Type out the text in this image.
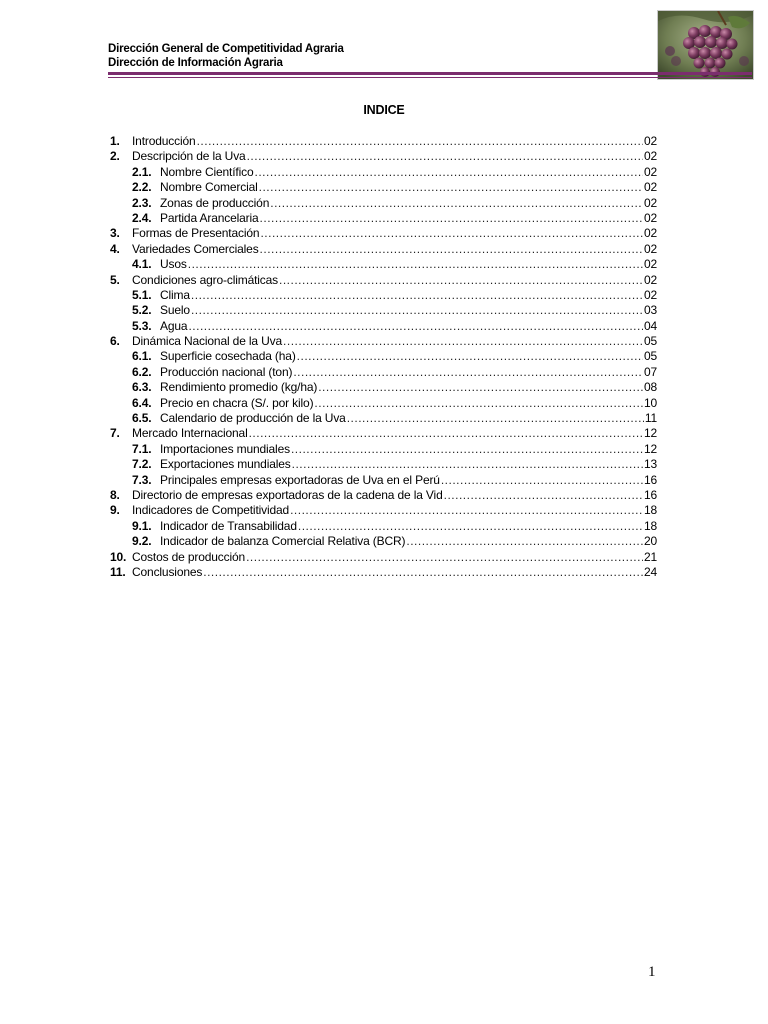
Dirección General de Competitividad Agraria
Dirección de Información Agraria
INDICE
1.	Introducción .....	02
2.	Descripción de la Uva .....	02
2.1. Nombre Científico .....	02
2.2. Nombre Comercial .....	02
2.3. Zonas de producción .....	02
2.4. Partida Arancelaria .....	02
3.	Formas de Presentación .....	02
4.	Variedades Comerciales .....	02
4.1. Usos .....	02
5.	Condiciones agro-climáticas .....	02
5.1. Clima .....	02
5.2. Suelo .....	03
5.3. Agua .....	04
6.	Dinámica Nacional de la Uva .....	05
6.1. Superficie cosechada (ha) .....	05
6.2. Producción nacional (ton) .....	07
6.3. Rendimiento promedio (kg/ha) .....	08
6.4. Precio en chacra (S/. por kilo) .....	10
6.5. Calendario de producción de la Uva .....	11
7.	Mercado Internacional .....	12
7.1. Importaciones mundiales .....	12
7.2. Exportaciones mundiales .....	13
7.3. Principales empresas exportadoras de Uva en el Perú .....	16
8.	Directorio de empresas exportadoras de la cadena de la Vid .....	16
9.	Indicadores de Competitividad .....	18
9.1. Indicador de Transabilidad .....	18
9.2. Indicador de balanza Comercial Relativa (BCR) .....	20
10. Costos de producción .....	21
11. Conclusiones .....	24
1
